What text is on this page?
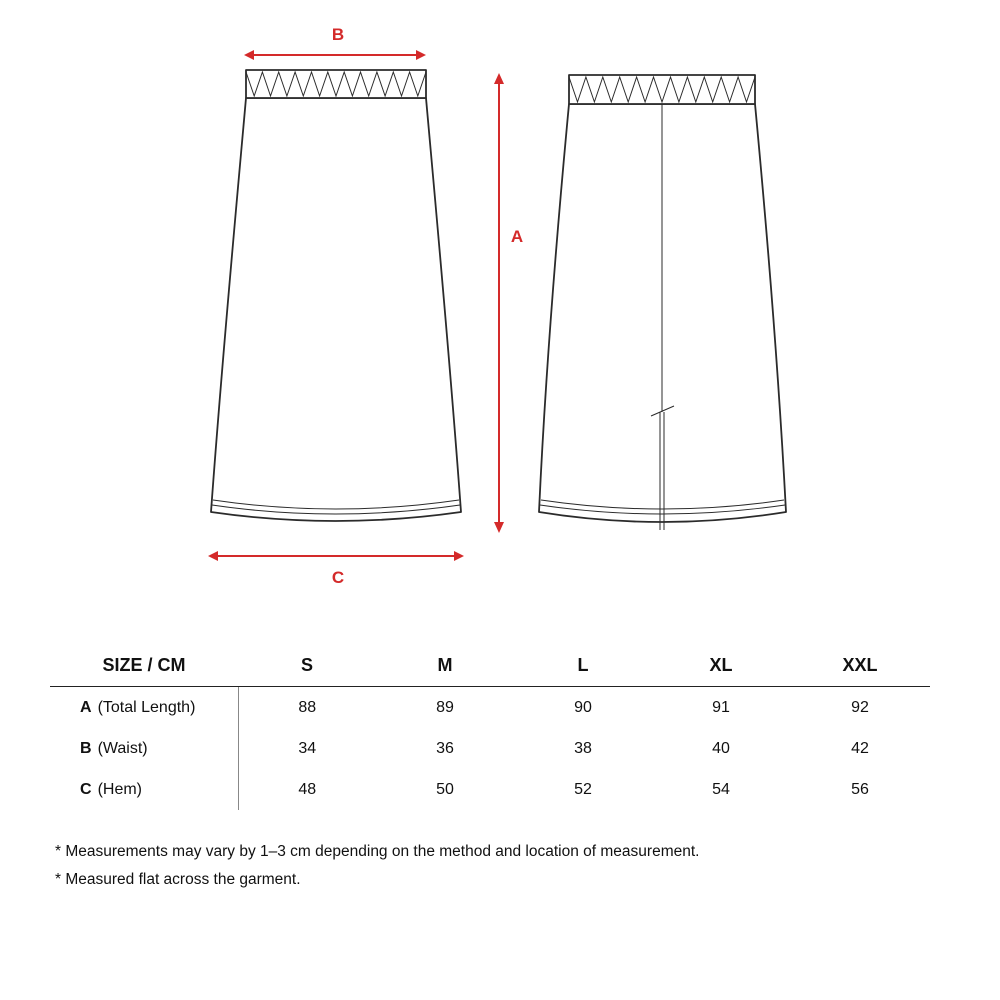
B
A
C
SIZE / CM	S	M	L	XL	XXL
A (Total Length)	88	89	90	91	92
B (Waist)	34	36	38	40	42
C (Hem)	48	50	52	54	56
* Measurements may vary by 1–3 cm depending on the method and location of measurement.
* Measured flat across the garment.
